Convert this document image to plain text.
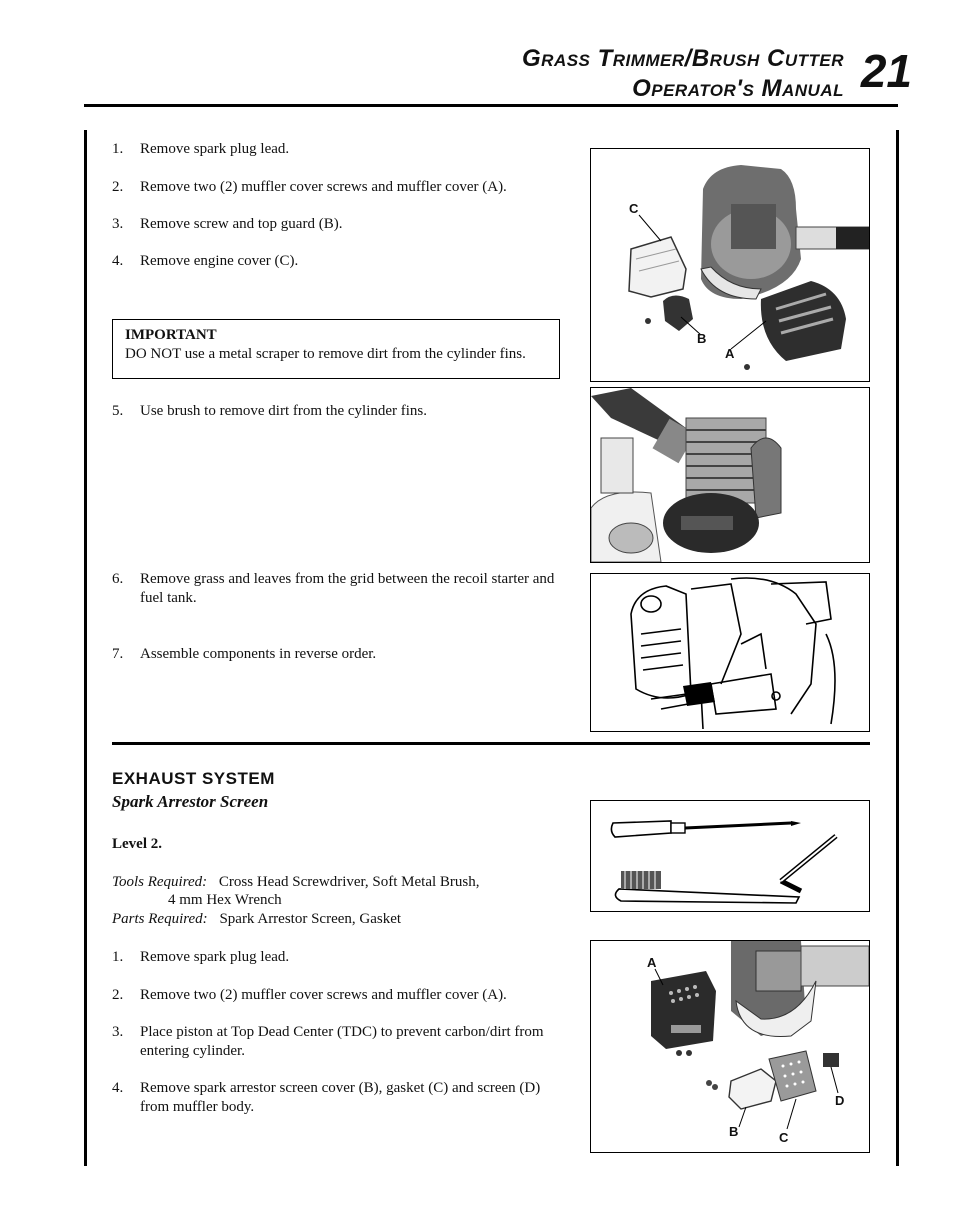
Grass Trimmer/Brush Cutter
Operator's Manual 21
1.	Remove spark plug lead.
2.	Remove two (2) muffler cover screws and muffler cover (A).
3.	Remove screw and top guard (B).
4.	Remove engine cover (C).
IMPORTANT
DO NOT use a metal scraper to remove dirt from the cylinder fins.
5.	Use brush to remove dirt from the cylinder fins.
6.	Remove grass and leaves from the grid between the recoil starter and fuel tank.
7.	Assemble components in reverse order.
C
B
A
EXHAUST SYSTEM
Spark Arrestor Screen
Level 2.
Tools Required: Cross Head Screwdriver, Soft Metal Brush,
4 mm Hex Wrench
Parts Required: Spark Arrestor Screen, Gasket
1.	Remove spark plug lead.
2.	Remove two (2) muffler cover screws and muffler cover (A).
3.	Place piston at Top Dead Center (TDC) to prevent carbon/dirt from entering cylinder.
4.	Remove spark arrestor screen cover (B), gasket (C) and screen (D) from muffler body.
A
B	C
D
